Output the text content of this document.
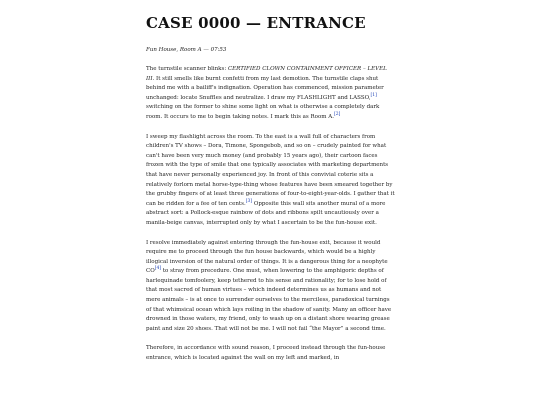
CASE 0000 — ENTRANCE
Fun House, Room A — 07:53

The turnstile scanner blinks: CERTIFIED CLOWN CONTAINMENT OFFICER – LEVEL III. It still smells like burnt confetti from my last demotion. The turnstile claps shut behind me with a bailiff's indignation. Operation has commenced, mission parameter unchanged: locate Snuffles and neutralize. I draw my FLASHLIGHT and LASSO,[1] switching on the former to shine some light on what is otherwise a completely dark room. It occurs to me to begin taking notes. I mark this as Room A.[2]

I sweep my flashlight across the room. To the east is a wall full of characters from children's TV shows – Dora, Timone, Spongebob, and so on – crudely painted for what can't have been very much money (and probably 15 years ago), their cartoon faces frozen with the type of smile that one typically associates with marketing departments that have never personally experienced joy. In front of this convivial coterie sits a relatively forlorn metal horse-type-thing whose features have been smeared together by the grubby fingers of at least three generations of four-to-eight-year-olds. I gather that it can be ridden for a fee of ten cents.[3] Opposite this wall sits another mural of a more abstract sort: a Pollock-esque rainbow of dots and ribbons spilt uncautiously over a manila-beige canvas, interrupted only by what I ascertain to be the fun-house exit.

I resolve immediately against entering through the fun-house exit, because it would require me to proceed through the fun house backwards, which would be a highly illogical inversion of the natural order of things. It is a dangerous thing for a neophyte CO[4] to stray from precedure. One must, when lowering to the amphigoric depths of harlequinade tomfoolery, keep tethered to his sense and rationality; for to lose hold of that most sacred of human virtues – which indeed determines us as humans and not mere animals – is at once to surrender ourselves to the merciless, paradoxical turnings of that whimsical ocean which lays roiling in the shadow of sanity. Many an officer have drowned in those waters, my friend, only to wash up on a distant shore wearing grease paint and size 20 shoes. That will not be me. I will not fail “the Mayor” a second time.

Therefore, in accordance with sound reason, I proceed instead through the fun-house entrance, which is located against the wall on my left and marked, in
